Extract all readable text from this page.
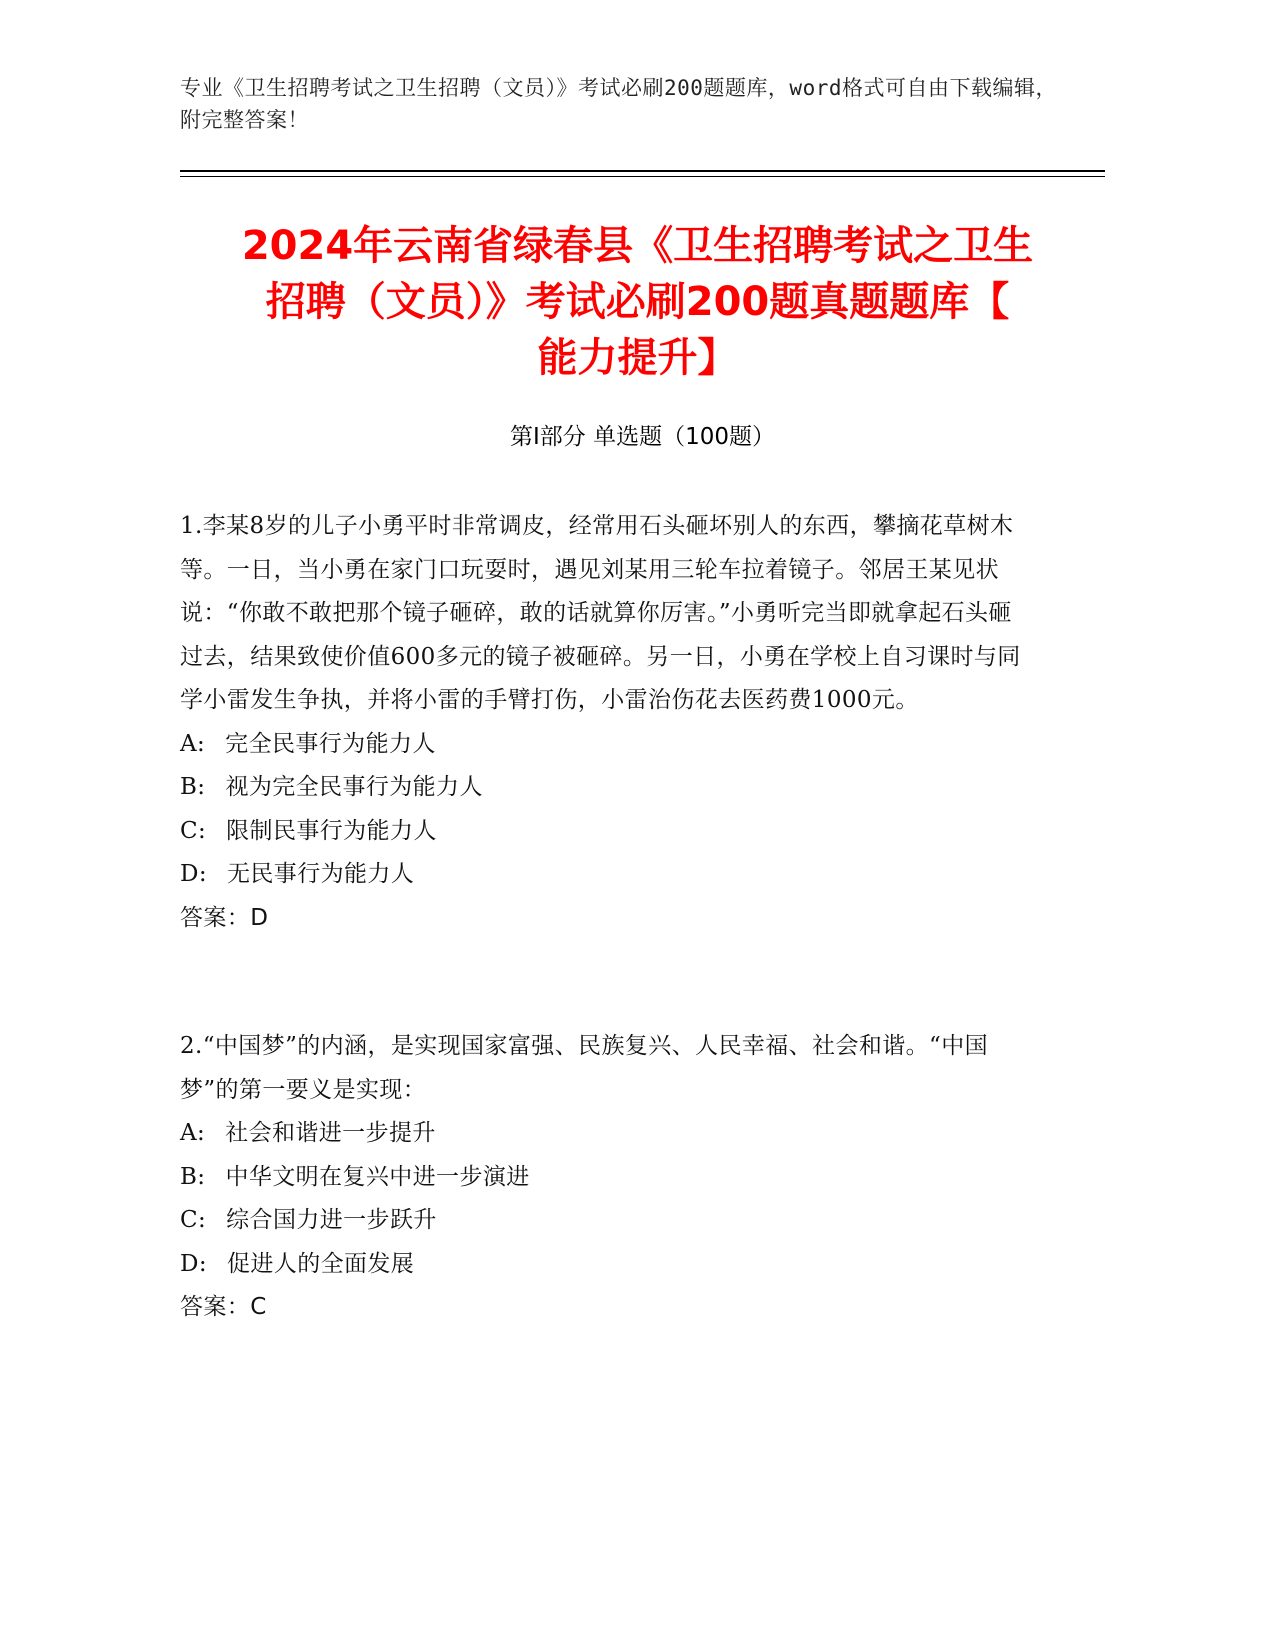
专业《卫生招聘考试之卫生招聘（文员）》考试必刷200题题库，word格式可自由下载编辑，附完整答案！
2024年云南省绿春县《卫生招聘考试之卫生
招聘（文员）》考试必刷200题真题题库【
能力提升】
第Ⅰ部分 单选题（100题）

1.李某8岁的儿子小勇平时非常调皮，经常用石头砸坏别人的东西，攀摘花草树木等。一日，当小勇在家门口玩耍时，遇见刘某用三轮车拉着镜子。邻居王某见状说：“你敢不敢把那个镜子砸碎，敢的话就算你厉害。”小勇听完当即就拿起石头砸过去，结果致使价值600多元的镜子被砸碎。另一日，小勇在学校上自习课时与同学小雷发生争执，并将小雷的手臂打伤，小雷治伤花去医药费1000元。

A: 完全民事行为能力人

B: 视为完全民事行为能力人

C: 限制民事行为能力人

D: 无民事行为能力人

答案：D

2.“中国梦”的内涵，是实现国家富强、民族复兴、人民幸福、社会和谐。“中国梦”的第一要义是实现：

A: 社会和谐进一步提升

B: 中华文明在复兴中进一步演进

C: 综合国力进一步跃升

D: 促进人的全面发展

答案：C
